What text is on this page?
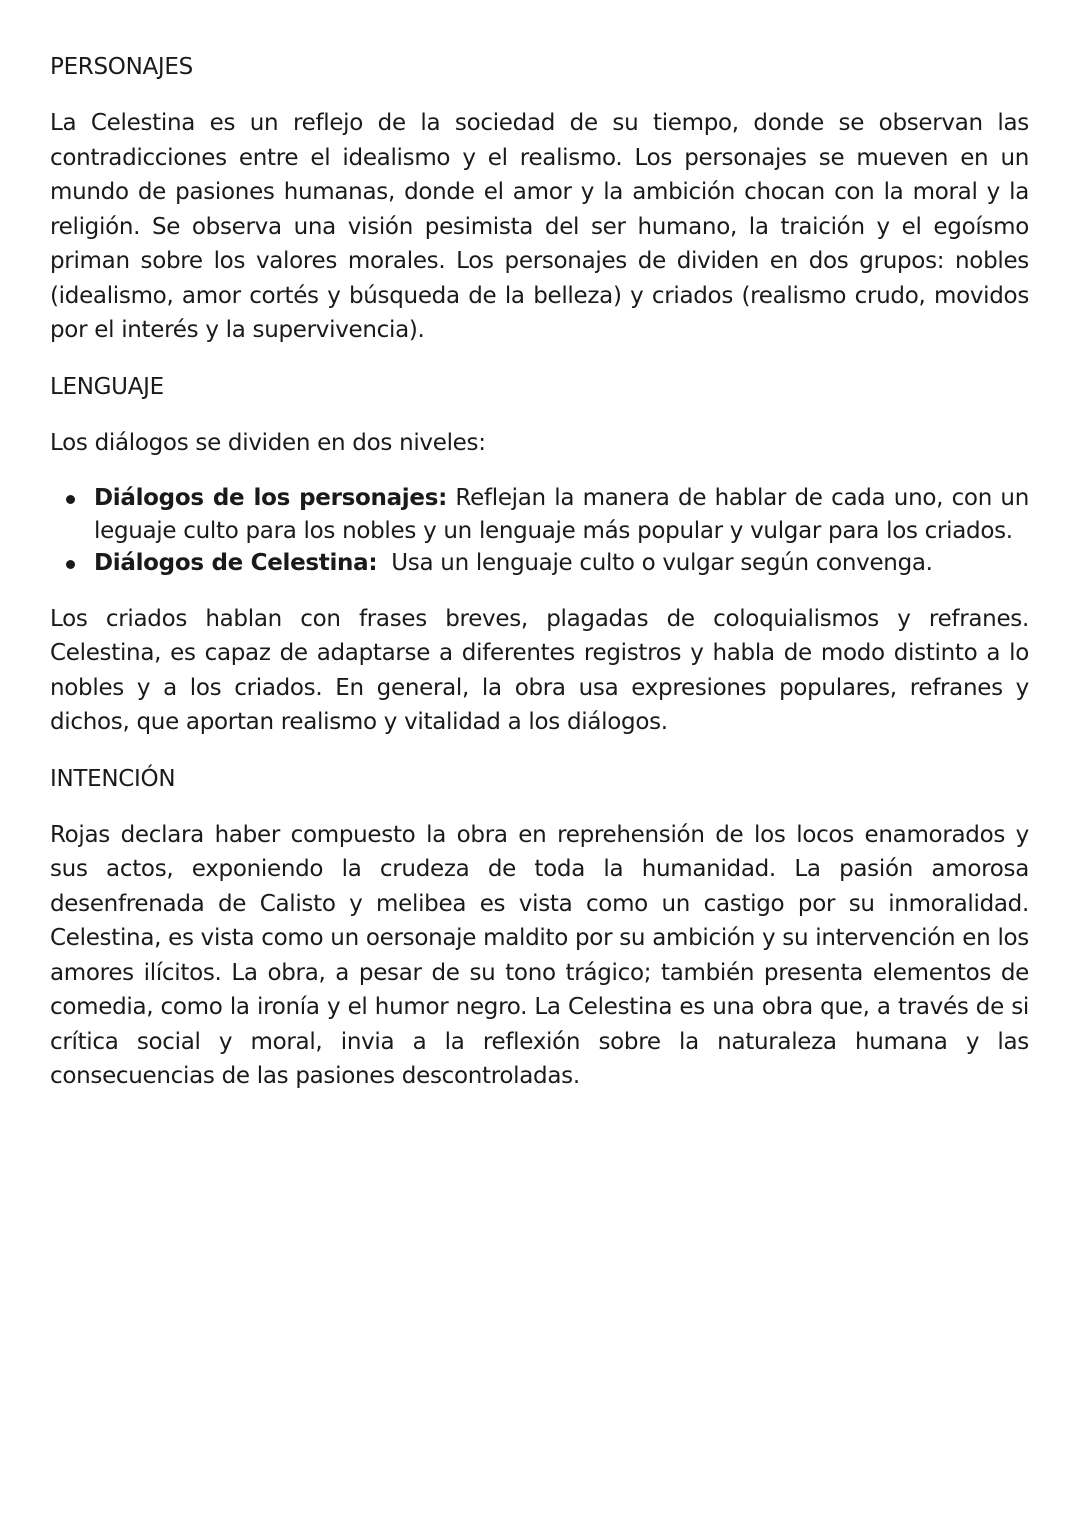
PERSONAJES

La Celestina es un reflejo de la sociedad de su tiempo, donde se observan las contradicciones entre el idealismo y el realismo. Los personajes se mueven en un mundo de pasiones humanas, donde el amor y la ambición chocan con la moral y la religión. Se observa una visión pesimista del ser humano, la traición y el egoísmo priman sobre los valores morales. Los personajes de dividen en dos grupos: nobles (idealismo, amor cortés y búsqueda de la belleza) y criados (realismo crudo, movidos por el interés y la supervivencia).

LENGUAJE

Los diálogos se dividen en dos niveles:

Diálogos de los personajes: Reflejan la manera de hablar de cada uno, con un leguaje culto para los nobles y un lenguaje más popular y vulgar para los criados.
Diálogos de Celestina:  Usa un lenguaje culto o vulgar según convenga.

Los criados hablan con frases breves, plagadas de coloquialismos y refranes. Celestina, es capaz de adaptarse a diferentes registros y habla de modo distinto a lo nobles y a los criados. En general, la obra usa expresiones populares, refranes y dichos, que aportan realismo y vitalidad a los diálogos.

INTENCIÓN

Rojas declara haber compuesto la obra en reprehensión de los locos enamorados y sus actos, exponiendo la crudeza de toda la humanidad. La pasión amorosa desenfrenada de Calisto y melibea es vista como un castigo por su inmoralidad. Celestina, es vista como un oersonaje maldito por su ambición y su intervención en los amores ilícitos. La obra, a pesar de su tono trágico; también presenta elementos de comedia, como la ironía y el humor negro. La Celestina es una obra que, a través de si crítica social y moral, invia a la reflexión sobre la naturaleza humana y las consecuencias de las pasiones descontroladas.
